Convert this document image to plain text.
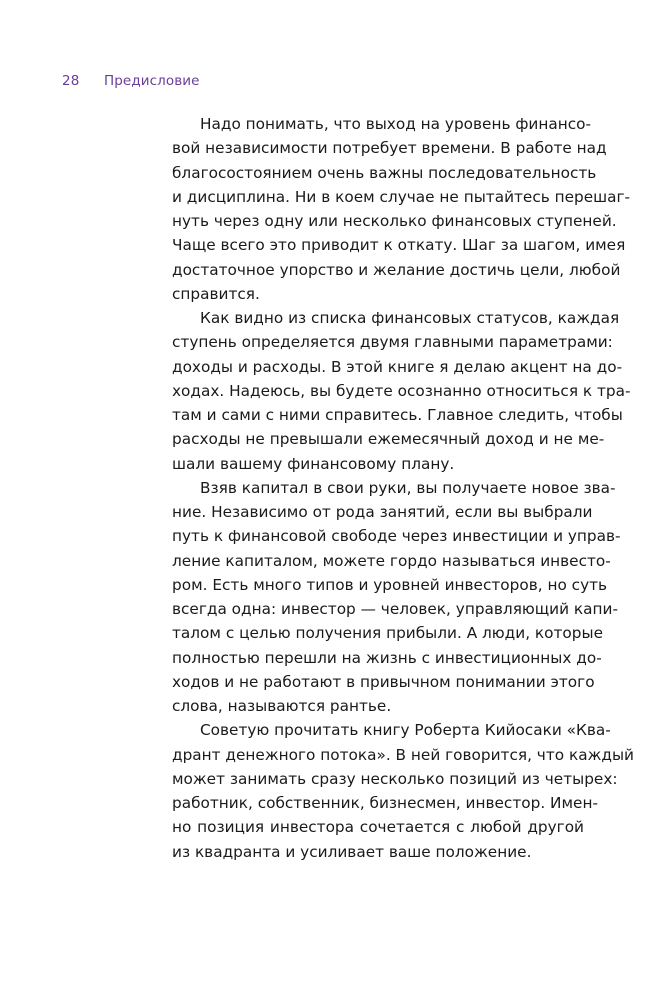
28 Предисловие
Надо понимать, что выход на уровень финансо-
вой независимости потребует времени. В работе над
благосостоянием очень важны последовательность
и дисциплина. Ни в коем случае не пытайтесь перешаг-
нуть через одну или несколько финансовых ступеней.
Чаще всего это приводит к откату. Шаг за шагом, имея
достаточное упорство и желание достичь цели, любой
справится.
Как видно из списка финансовых статусов, каждая
ступень определяется двумя главными параметрами:
доходы и расходы. В этой книге я делаю акцент на до-
ходах. Надеюсь, вы будете осознанно относиться к тра-
там и сами с ними справитесь. Главное следить, чтобы
расходы не превышали ежемесячный доход и не ме-
шали вашему финансовому плану.
Взяв капитал в свои руки, вы получаете новое зва-
ние. Независимо от рода занятий, если вы выбрали
путь к финансовой свободе через инвестиции и управ-
ление капиталом, можете гордо называться инвесто-
ром. Есть много типов и уровней инвесторов, но суть
всегда одна: инвестор — человек, управляющий капи-
талом с целью получения прибыли. А люди, которые
полностью перешли на жизнь с инвестиционных до-
ходов и не работают в привычном понимании этого
слова, называются рантье.
Советую прочитать книгу Роберта Кийосаки «Ква-
дрант денежного потока». В ней говорится, что каждый
может занимать сразу несколько позиций из четырех:
работник, собственник, бизнесмен, инвестор. Имен-
но позиция инвестора сочетается с любой другой
из квадранта и усиливает ваше положение.
